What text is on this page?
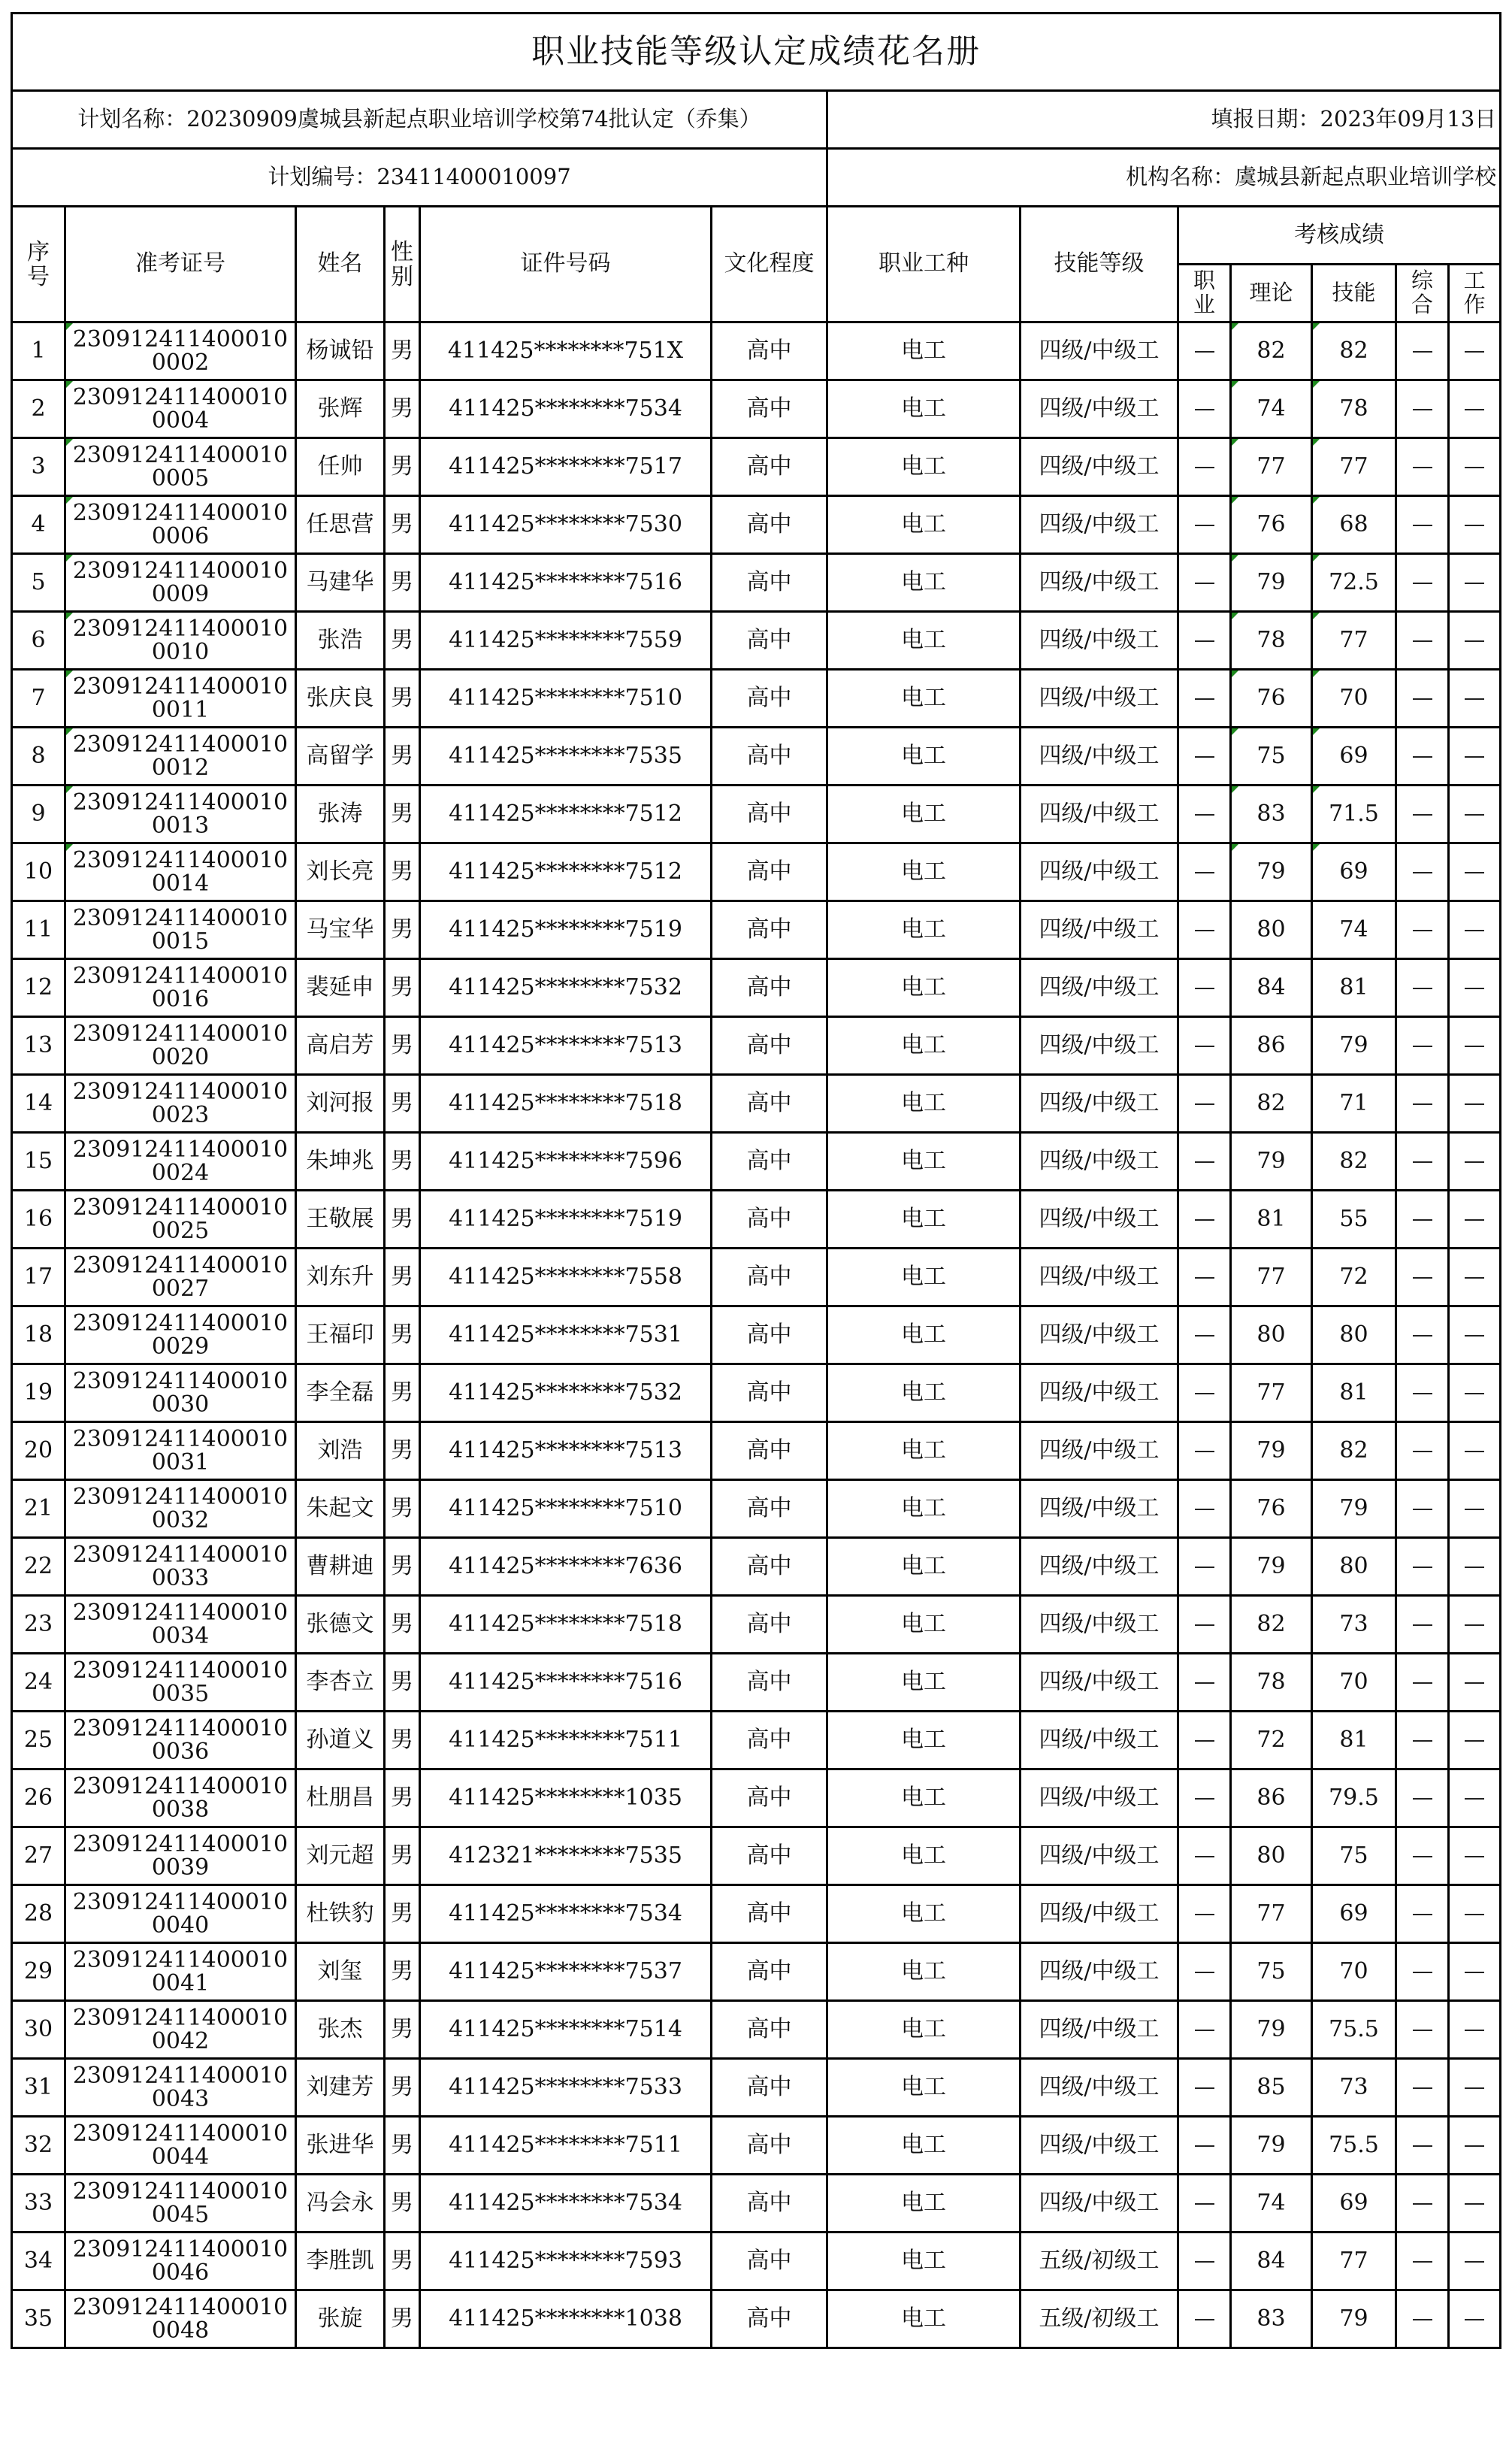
职业技能等级认定成绩花名册												
计划名称：20230909虞城县新起点职业培训学校第74批认定（乔集）						填报日期：2023年09月13日						
计划编号：23411400010097						机构名称：虞城县新起点职业培训学校						

序号	准考证号	姓名	性别	证件号码	文化程度	职业工种	技能等级	考核成绩				

								职业	理论	技能	综合	工作

1	2309124114000100002	杨诚铅	男	411425********751X	高中	电工	四级/中级工		82	82		
2	2309124114000100004	张辉	男	411425********7534	高中	电工	四级/中级工		74	78		
3	2309124114000100005	任帅	男	411425********7517	高中	电工	四级/中级工		77	77		
4	2309124114000100006	任思营	男	411425********7530	高中	电工	四级/中级工		76	68		
5	2309124114000100009	马建华	男	411425********7516	高中	电工	四级/中级工		79	72.5		
6	2309124114000100010	张浩	男	411425********7559	高中	电工	四级/中级工		78	77		
7	2309124114000100011	张庆良	男	411425********7510	高中	电工	四级/中级工		76	70		
8	2309124114000100012	高留学	男	411425********7535	高中	电工	四级/中级工		75	69		
9	2309124114000100013	张涛	男	411425********7512	高中	电工	四级/中级工		83	71.5		
10	2309124114000100014	刘长亮	男	411425********7512	高中	电工	四级/中级工		79	69		
11	2309124114000100015	马宝华	男	411425********7519	高中	电工	四级/中级工		80	74		
12	2309124114000100016	裴延申	男	411425********7532	高中	电工	四级/中级工		84	81		
13	2309124114000100020	高启芳	男	411425********7513	高中	电工	四级/中级工		86	79		
14	2309124114000100023	刘河报	男	411425********7518	高中	电工	四级/中级工		82	71		
15	2309124114000100024	朱坤兆	男	411425********7596	高中	电工	四级/中级工		79	82		
16	2309124114000100025	王敬展	男	411425********7519	高中	电工	四级/中级工		81	55		
17	2309124114000100027	刘东升	男	411425********7558	高中	电工	四级/中级工		77	72		
18	2309124114000100029	王福印	男	411425********7531	高中	电工	四级/中级工		80	80		
19	2309124114000100030	李全磊	男	411425********7532	高中	电工	四级/中级工		77	81		
20	2309124114000100031	刘浩	男	411425********7513	高中	电工	四级/中级工		79	82		
21	2309124114000100032	朱起文	男	411425********7510	高中	电工	四级/中级工		76	79		
22	2309124114000100033	曹耕迪	男	411425********7636	高中	电工	四级/中级工		79	80		
23	2309124114000100034	张德文	男	411425********7518	高中	电工	四级/中级工		82	73		
24	2309124114000100035	李杏立	男	411425********7516	高中	电工	四级/中级工		78	70		
25	2309124114000100036	孙道义	男	411425********7511	高中	电工	四级/中级工		72	81		
26	2309124114000100038	杜朋昌	男	411425********1035	高中	电工	四级/中级工		86	79.5		
27	2309124114000100039	刘元超	男	412321********7535	高中	电工	四级/中级工		80	75		
28	2309124114000100040	杜铁豹	男	411425********7534	高中	电工	四级/中级工		77	69		
29	2309124114000100041	刘玺	男	411425********7537	高中	电工	四级/中级工		75	70		
30	2309124114000100042	张杰	男	411425********7514	高中	电工	四级/中级工		79	75.5		
31	2309124114000100043	刘建芳	男	411425********7533	高中	电工	四级/中级工		85	73		
32	2309124114000100044	张进华	男	411425********7511	高中	电工	四级/中级工		79	75.5		
33	2309124114000100045	冯会永	男	411425********7534	高中	电工	四级/中级工		74	69		
34	2309124114000100046	李胜凯	男	411425********7593	高中	电工	五级/初级工		84	77		
35	2309124114000100048	张旋	男	411425********1038	高中	电工	五级/初级工		83	79		
